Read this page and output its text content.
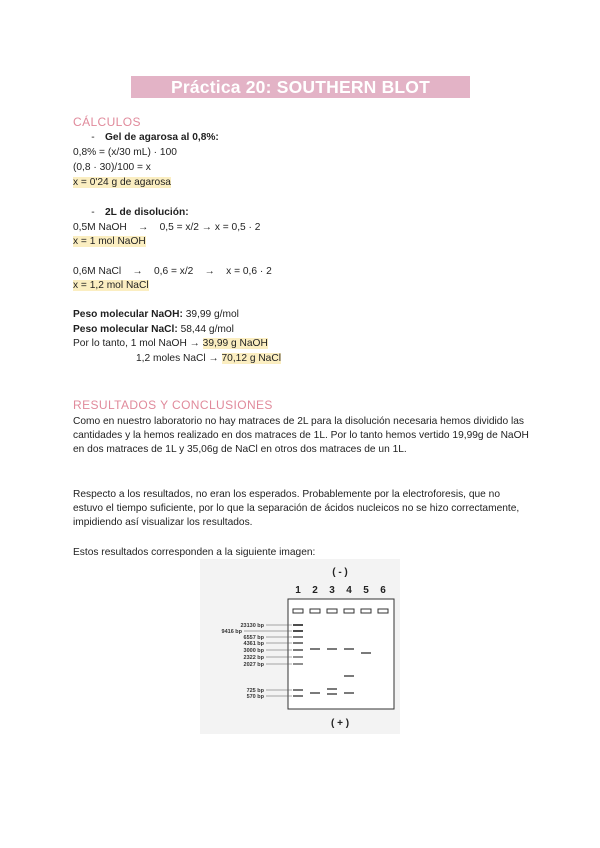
Práctica 20: SOUTHERN BLOT
CÁLCULOS
- Gel de agarosa al 0,8%:
0,8% = (x/30 mL) · 100
(0,8 · 30)/100 = x
x = 0'24 g de agarosa
- 2L de disolución:
0,5M NaOH    →    0,5 = x/2 → x = 0,5 · 2
x = 1 mol NaOH
0,6M NaCl    →    0,6 = x/2    →    x = 0,6 · 2
x = 1,2 mol NaCl
Peso molecular NaOH: 39,99 g/mol
Peso molecular NaCl: 58,44 g/mol
Por lo tanto, 1 mol NaOH → 39,99 g NaOH
1,2 moles NaCl → 70,12 g NaCl
RESULTADOS Y CONCLUSIONES
Como en nuestro laboratorio no hay matraces de 2L para la disolución necesaria hemos dividido las cantidades y la hemos realizado en dos matraces de 1L. Por lo tanto hemos vertido 19,99g de NaOH en dos matraces de 1L y 35,06g de NaCl en otros dos matraces de un 1L.
Respecto a los resultados, no eran los esperados. Probablemente por la electroforesis, que no estuvo el tiempo suficiente, por lo que la separación de ácidos nucleicos no se hizo correctamente, impidiendo así visualizar los resultados.
Estos resultados corresponden a la siguiente imagen:
( - )
1 2 3 4 5 6
23130 bp
9416 bp
6557 bp
4361 bp
3000 bp
2322 bp
2027 bp
725 bp
570 bp
( + )
